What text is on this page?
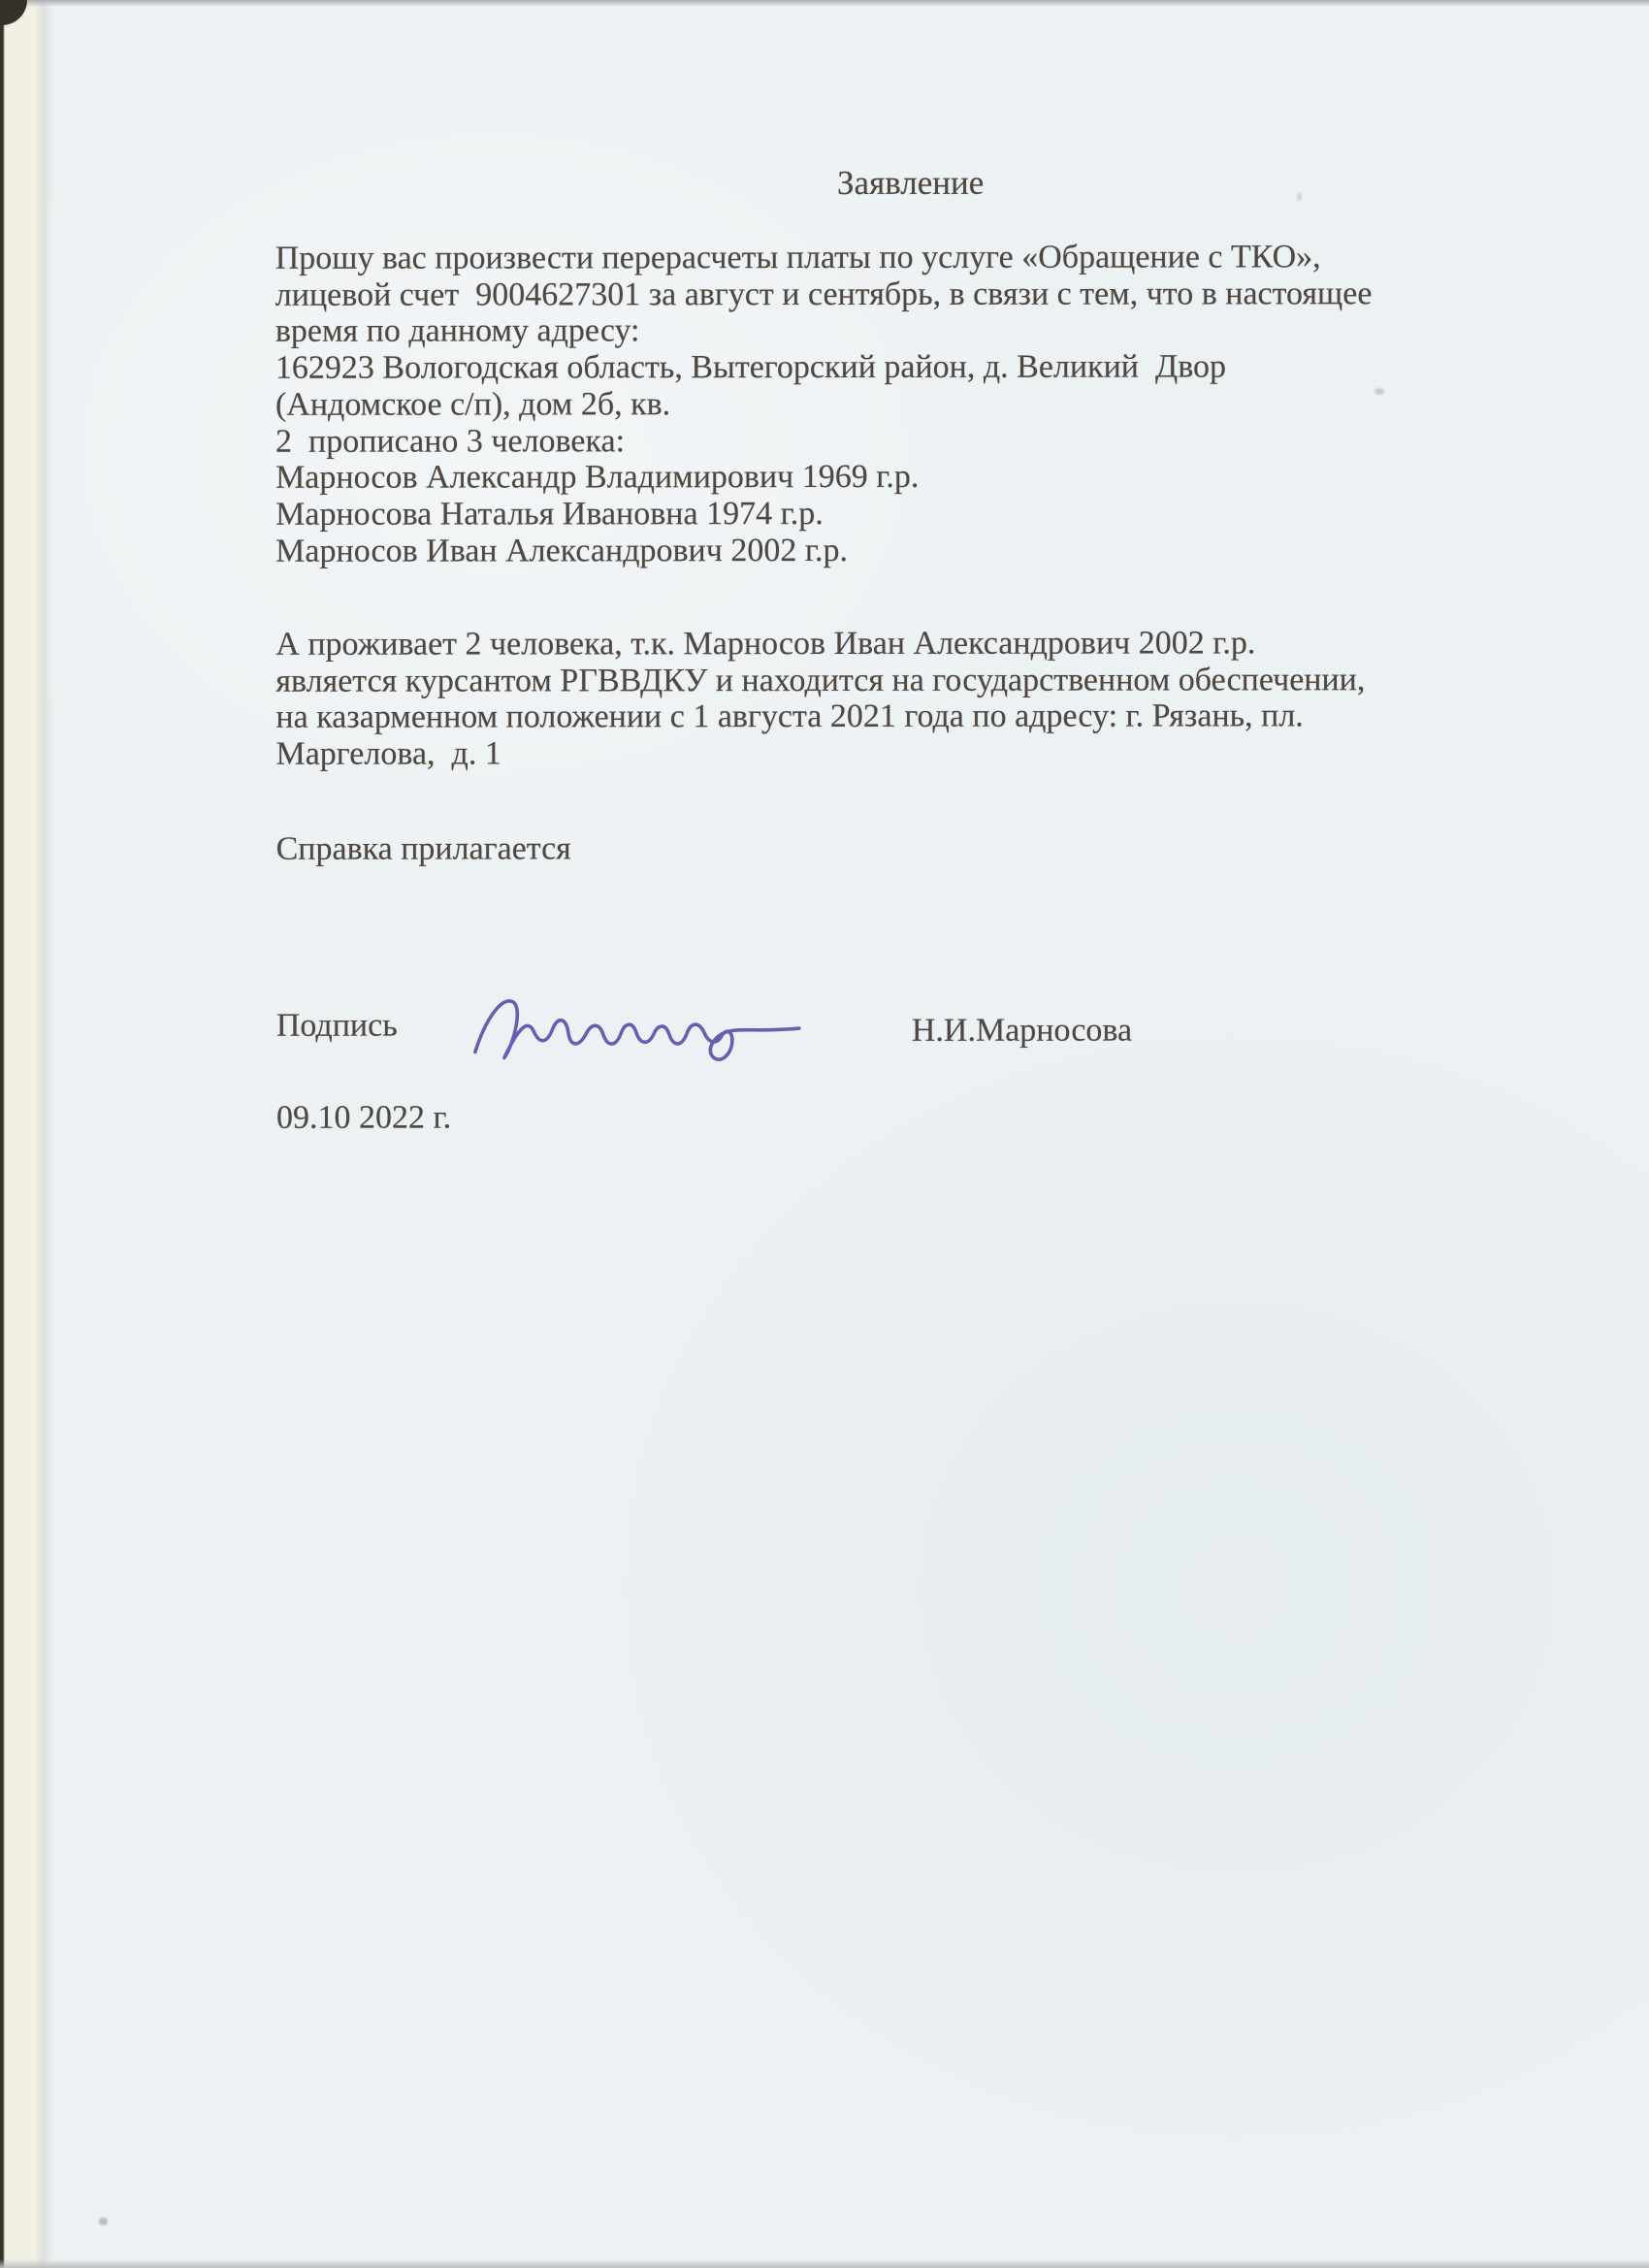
Заявление
Прошу вас произвести перерасчеты платы по услуге «Обращение с ТКО»,
лицевой счет  9004627301 за август и сентябрь, в связи с тем, что в настоящее
время по данному адресу:
162923 Вологодская область, Вытегорский район, д. Великий  Двор
(Андомское с/п), дом 2б, кв.
2  прописано 3 человека:
Марносов Александр Владимирович 1969 г.р.
Марносова Наталья Ивановна 1974 г.р.
Марносов Иван Александрович 2002 г.р.
А проживает 2 человека, т.к. Марносов Иван Александрович 2002 г.р.
является курсантом РГВВДКУ и находится на государственном обеспечении,
на казарменном положении с 1 августа 2021 года по адресу: г. Рязань, пл.
Маргелова,  д. 1
Справка прилагается
Подпись	Н.И.Марносова
09.10 2022 г.
